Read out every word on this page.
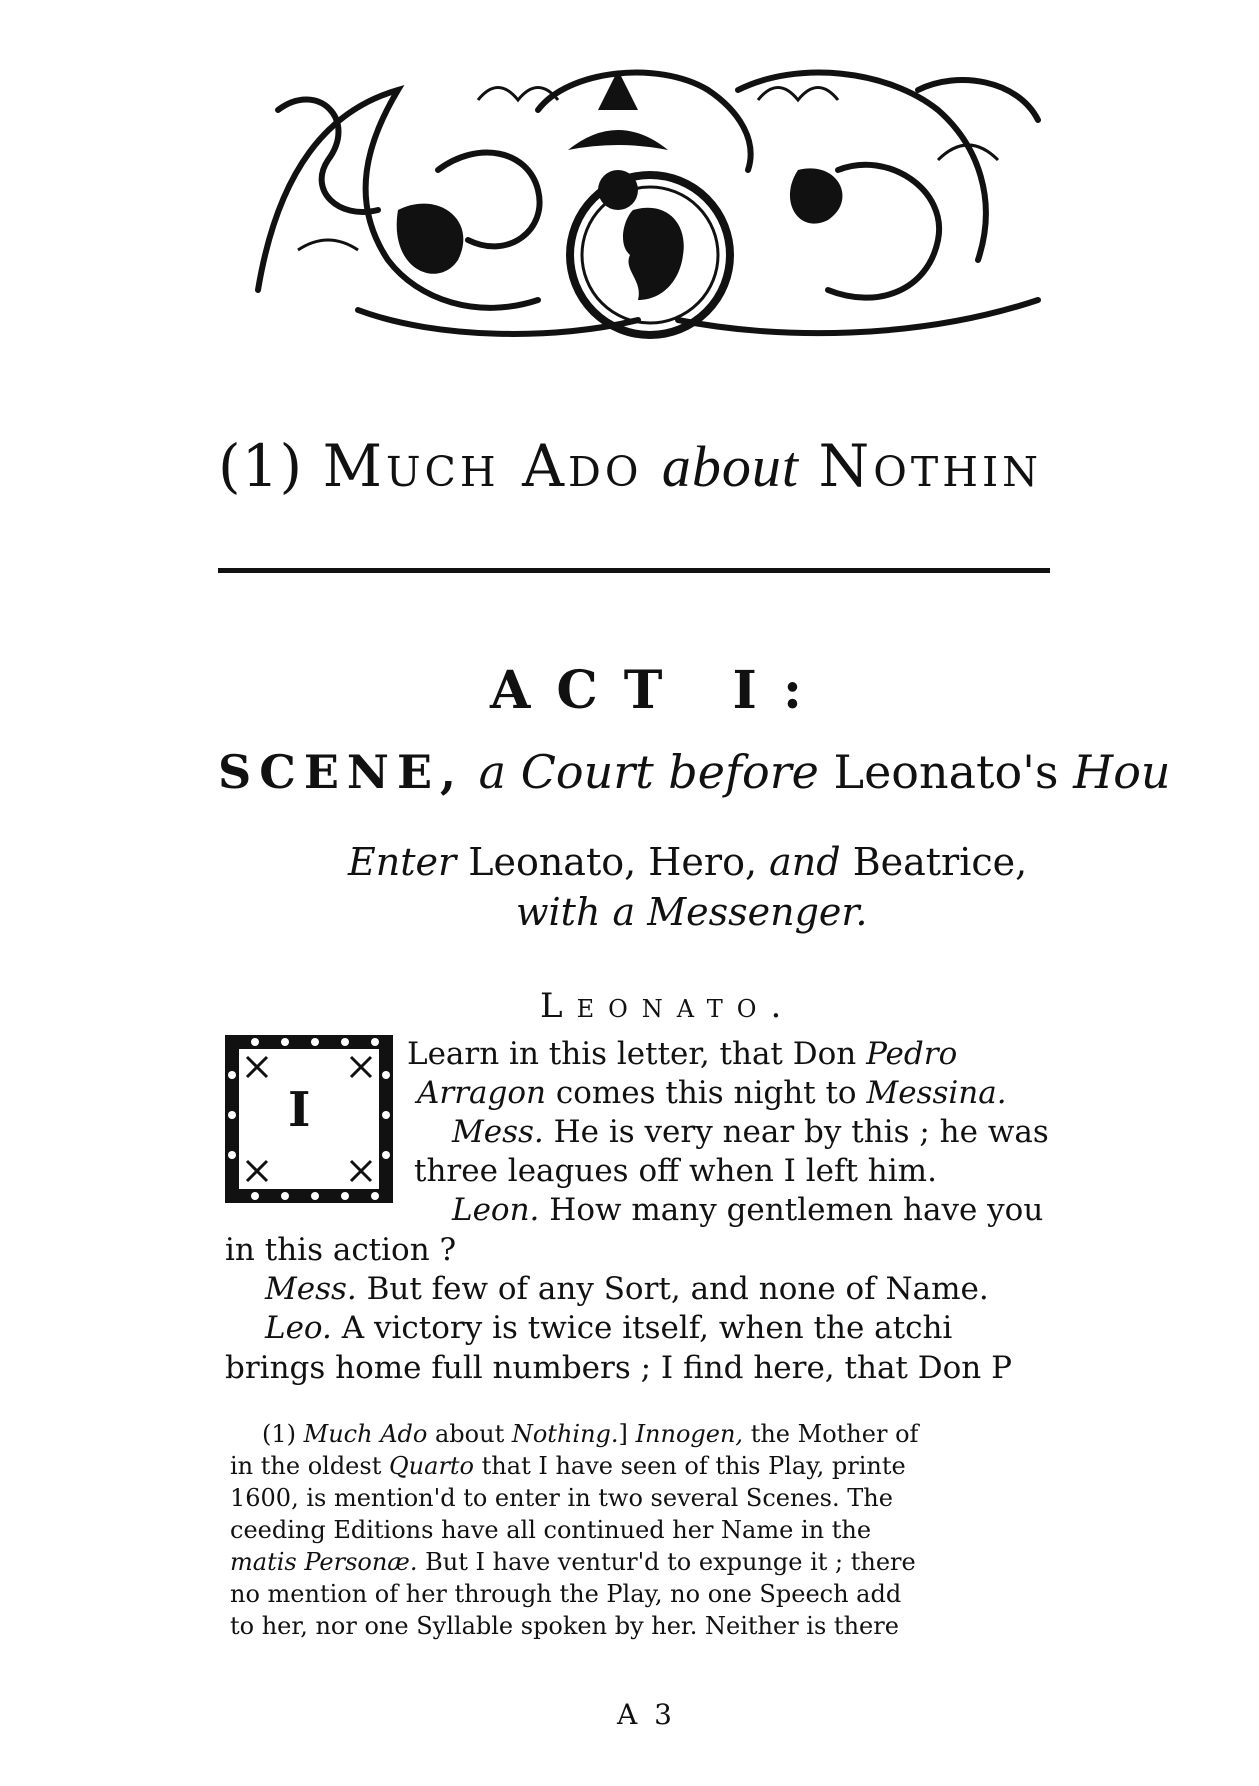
(1) Much Ado about Nothin
ACT I:
SCENE, a Court before Leonato's Hou
Enter Leonato, Hero, and Beatrice,
with a Messenger.
Leonato.
I
Learn in this letter, that Don Pedro
Arragon comes this night to Messina.
Mess. He is very near by this ; he was
three leagues off when I left him.
Leon. How many gentlemen have you
in this action ?
Mess. But few of any Sort, and none of Name.
Leo. A victory is twice itself, when the atchi
brings home full numbers ; I find here, that Don P
(1) Much Ado about Nothing.] Innogen, the Mother of
in the oldest Quarto that I have seen of this Play, printe
1600, is mention'd to enter in two several Scenes. The
ceeding Editions have all continued her Name in the
matis Personæ. But I have ventur'd to expunge it ; there
no mention of her through the Play, no one Speech add
to her, nor one Syllable spoken by her. Neither is there
A 3
